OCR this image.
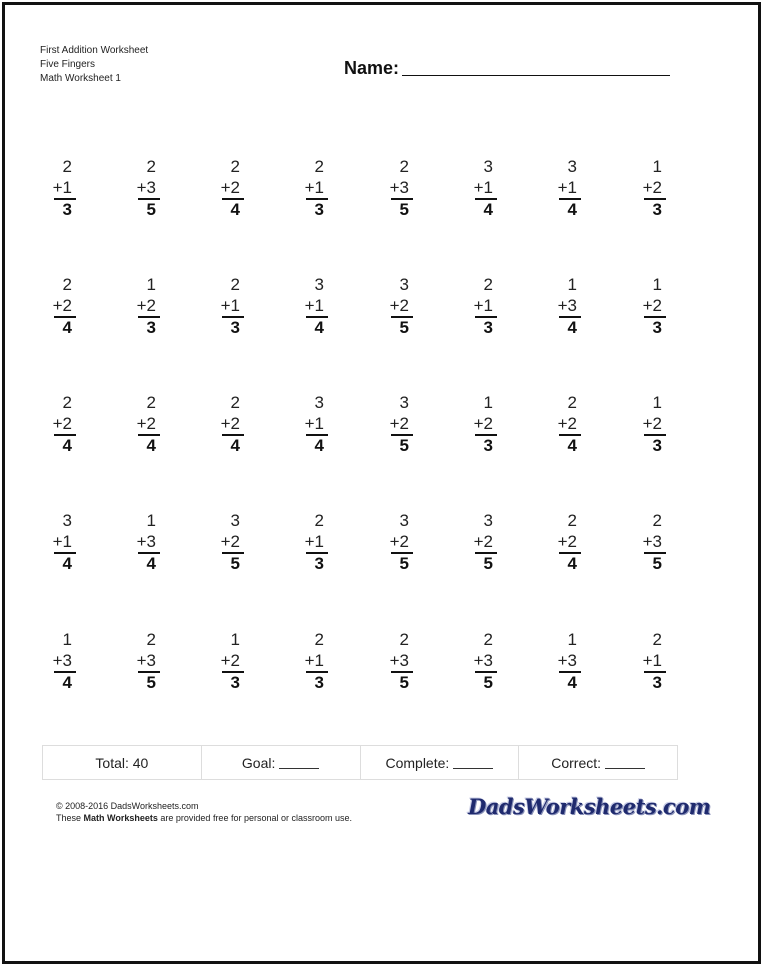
First Addition Worksheet
Five Fingers
Math Worksheet 1
Name:
2
+1
3
2
+3
5
2
+2
4
2
+1
3
2
+3
5
3
+1
4
3
+1
4
1
+2
3
2
+2
4
1
+2
3
2
+1
3
3
+1
4
3
+2
5
2
+1
3
1
+3
4
1
+2
3
2
+2
4
2
+2
4
2
+2
4
3
+1
4
3
+2
5
1
+2
3
2
+2
4
1
+2
3
3
+1
4
1
+3
4
3
+2
5
2
+1
3
3
+2
5
3
+2
5
2
+2
4
2
+3
5
1
+3
4
2
+3
5
1
+2
3
2
+1
3
2
+3
5
2
+3
5
1
+3
4
2
+1
3
Total: 40	Goal:	Complete:	Correct:
© 2008-2016 DadsWorksheets.com
These Math Worksheets are provided free for personal or classroom use.	DadsWorksheets.com
